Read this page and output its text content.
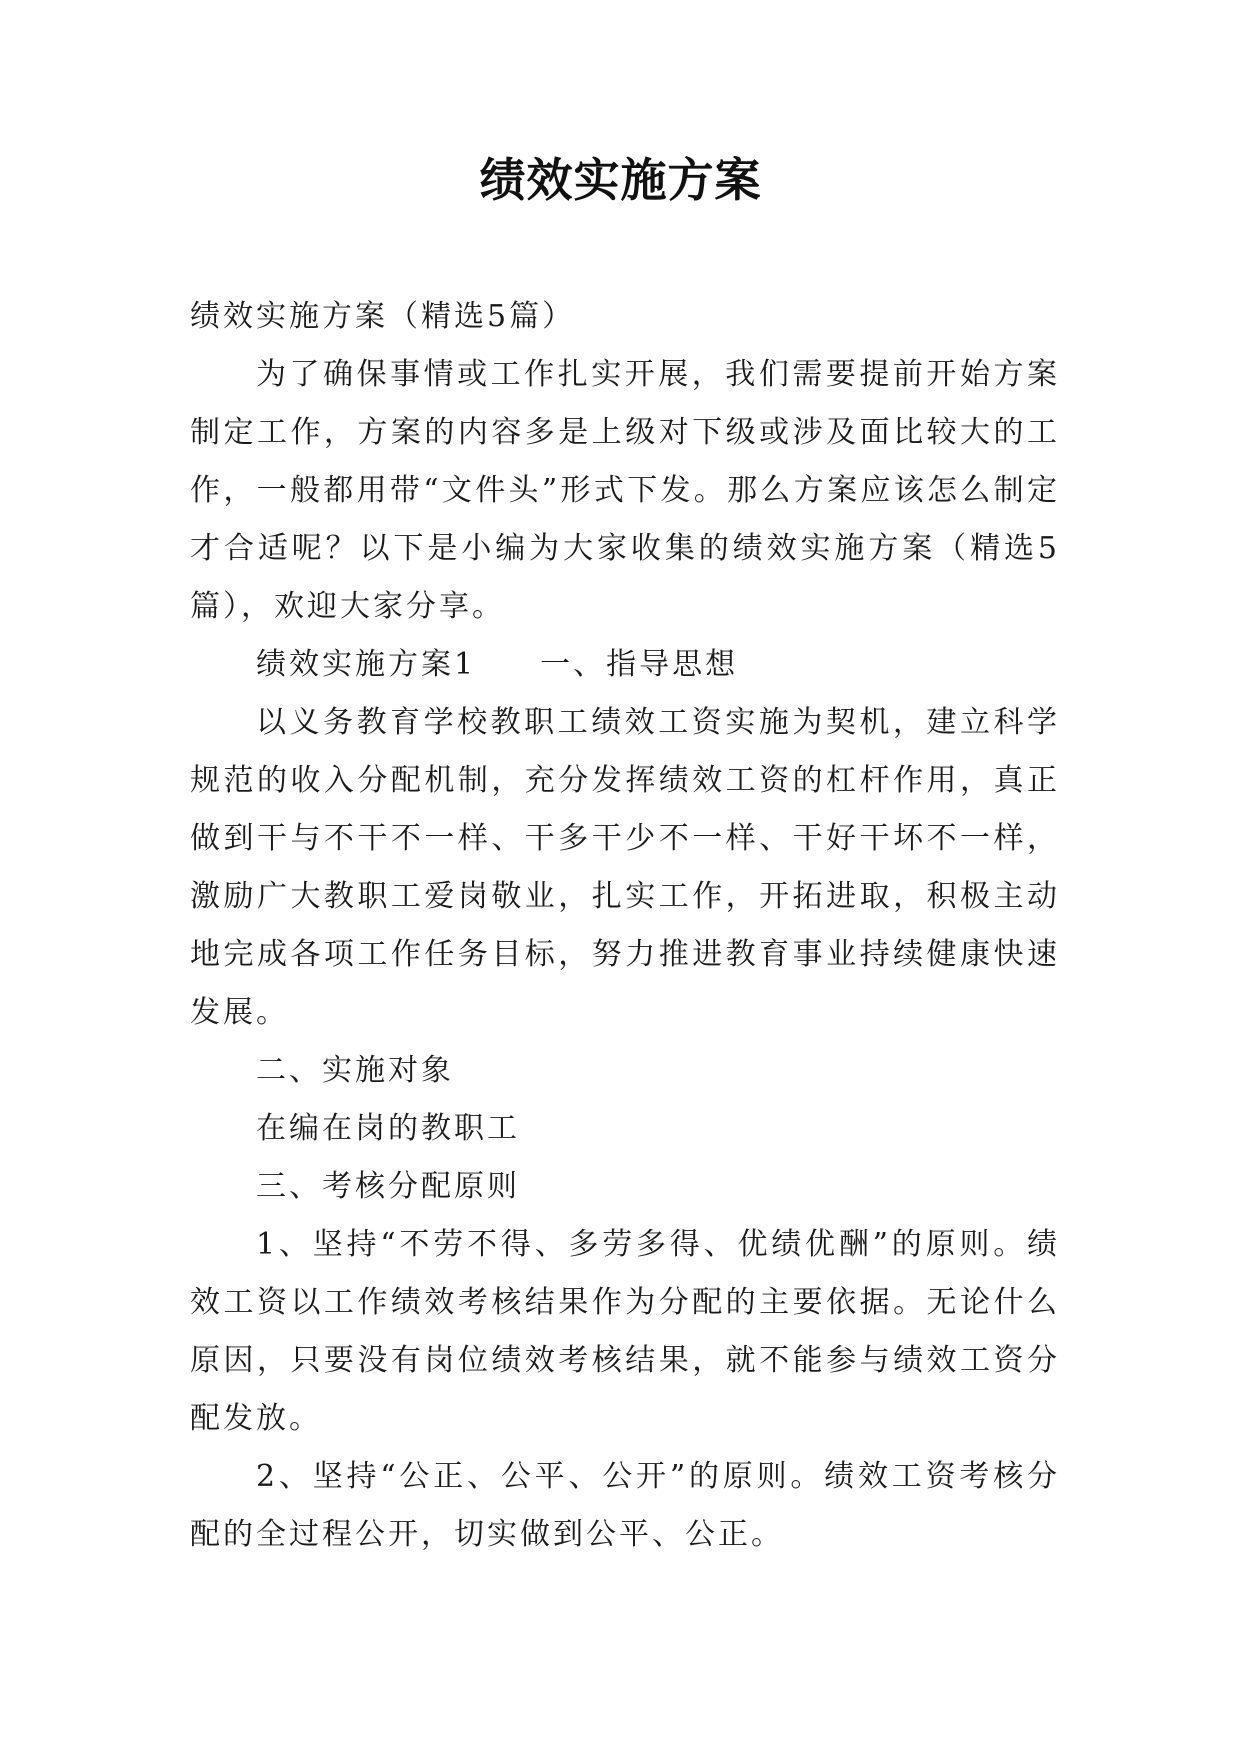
绩效实施方案

绩效实施方案（精选5篇）

为了确保事情或工作扎实开展，我们需要提前开始方案制定工作，方案的内容多是上级对下级或涉及面比较大的工作，一般都用带“文件头”形式下发。那么方案应该怎么制定才合适呢？以下是小编为大家收集的绩效实施方案（精选5篇），欢迎大家分享。

绩效实施方案1 一、指导思想

以义务教育学校教职工绩效工资实施为契机，建立科学规范的收入分配机制，充分发挥绩效工资的杠杆作用，真正做到干与不干不一样、干多干少不一样、干好干坏不一样，激励广大教职工爱岗敬业，扎实工作，开拓进取，积极主动地完成各项工作任务目标，努力推进教育事业持续健康快速发展。

二、实施对象

在编在岗的教职工

三、考核分配原则

1、坚持“不劳不得、多劳多得、优绩优酬”的原则。绩效工资以工作绩效考核结果作为分配的主要依据。无论什么原因，只要没有岗位绩效考核结果，就不能参与绩效工资分配发放。

2、坚持“公正、公平、公开”的原则。绩效工资考核分配的全过程公开，切实做到公平、公正。
